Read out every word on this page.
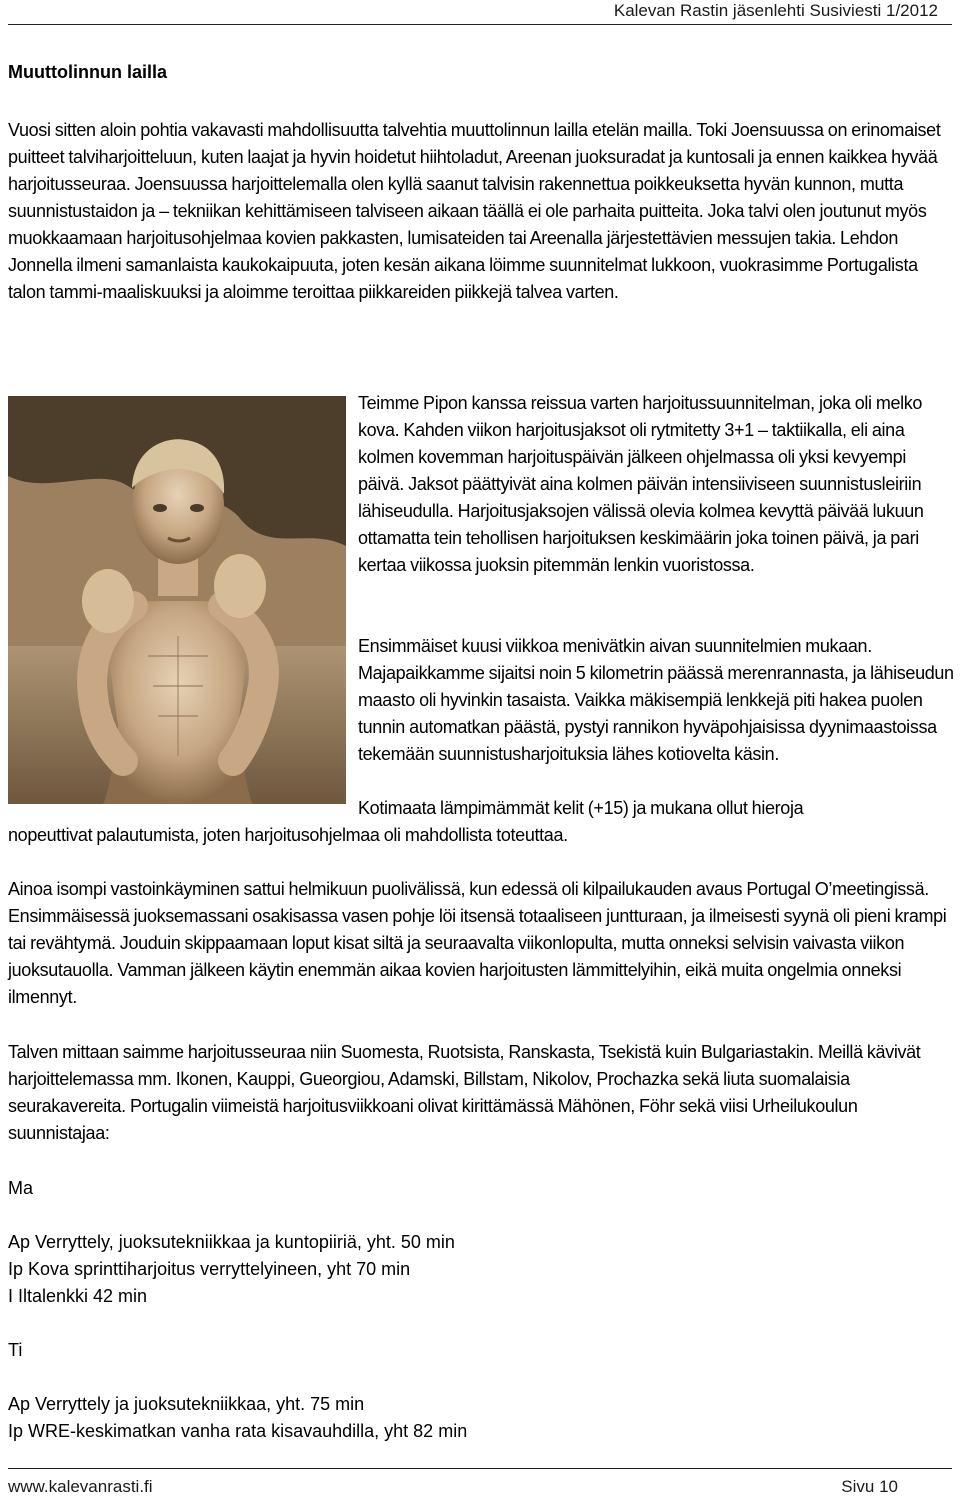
Kalevan Rastin jäsenlehti Susiviesti 1/2012
Muuttolinnun lailla

Vuosi sitten aloin pohtia vakavasti mahdollisuutta talvehtia muuttolinnun lailla etelän mailla. Toki Joensuussa on erinomaiset puitteet talviharjoitteluun, kuten laajat ja hyvin hoidetut hiihtoladut, Areenan juoksuradat ja kuntosali ja ennen kaikkea hyvää harjoitusseuraa. Joensuussa harjoittelemalla olen kyllä saanut talvisin rakennettua poikkeuksetta hyvän kunnon, mutta suunnistustaidon ja – tekniikan kehittämiseen talviseen aikaan täällä ei ole parhaita puitteita. Joka talvi olen joutunut myös muokkaamaan harjoitusohjelmaa kovien pakkasten, lumisateiden tai Areenalla järjestettävien messujen takia. Lehdon Jonnella ilmeni samanlaista kaukokaipuuta, joten kesän aikana löimme suunnitelmat lukkoon, vuokrasimme Portugalista talon tammi-maaliskuuksi ja aloimme teroittaa piikkareiden piikkejä talvea varten.

Teimme Pipon kanssa reissua varten harjoitussuunnitelman, joka oli melko kova. Kahden viikon harjoitusjaksot oli rytmitetty 3+1 – taktiikalla, eli aina kolmen kovemman harjoituspäivän jälkeen ohjelmassa oli yksi kevyempi päivä. Jaksot päättyivät aina kolmen päivän intensiiviseen suunnistusleiriin lähiseudulla. Harjoitusjaksojen välissä olevia kolmea kevyttä päivää lukuun ottamatta tein tehollisen harjoituksen keskimäärin joka toinen päivä, ja pari kertaa viikossa juoksin pitemmän lenkin vuoristossa.

Ensimmäiset kuusi viikkoa menivätkin aivan suunnitelmien mukaan. Majapaikkamme sijaitsi noin 5 kilometrin päässä merenrannasta, ja lähiseudun maasto oli hyvinkin tasaista. Vaikka mäkisempiä lenkkejä piti hakea puolen tunnin automatkan päästä, pystyi rannikon hyväpohjaisissa dyynimaastoissa tekemään suunnistusharjoituksia lähes kotiovelta käsin.

Kotimaata lämpimämmät kelit (+15) ja mukana ollut hieroja

nopeuttivat palautumista, joten harjoitusohjelmaa oli mahdollista toteuttaa.

Ainoa isompi vastoinkäyminen sattui helmikuun puolivälissä, kun edessä oli kilpailukauden avaus Portugal O’meetingissä. Ensimmäisessä juoksemassani osakisassa vasen pohje löi itsensä totaaliseen juntturaan, ja ilmeisesti syynä oli pieni krampi tai revähtymä. Jouduin skippaamaan loput kisat siltä ja seuraavalta viikonlopulta, mutta onneksi selvisin vaivasta viikon juoksutauolla. Vamman jälkeen käytin enemmän aikaa kovien harjoitusten lämmittelyihin, eikä muita ongelmia onneksi ilmennyt.

Talven mittaan saimme harjoitusseuraa niin Suomesta, Ruotsista, Ranskasta, Tsekistä kuin Bulgariastakin. Meillä kävivät harjoittelemassa mm. Ikonen, Kauppi, Gueorgiou, Adamski, Billstam, Nikolov, Prochazka sekä liuta suomalaisia seurakavereita. Portugalin viimeistä harjoitusviikkoani olivat kirittämässä Mähönen, Föhr sekä viisi Urheilukoulun suunnistajaa:

Ma

Ap Verryttely, juoksutekniikkaa ja kuntopiiriä, yht. 50 min

Ip Kova sprinttiharjoitus verryttelyineen, yht 70 min

I Iltalenkki 42 min

Ti

Ap Verryttely ja juoksutekniikkaa, yht. 75 min

Ip WRE-keskimatkan vanha rata kisavauhdilla, yht 82 min

www.kalevanrasti.fi	Sivu 10
